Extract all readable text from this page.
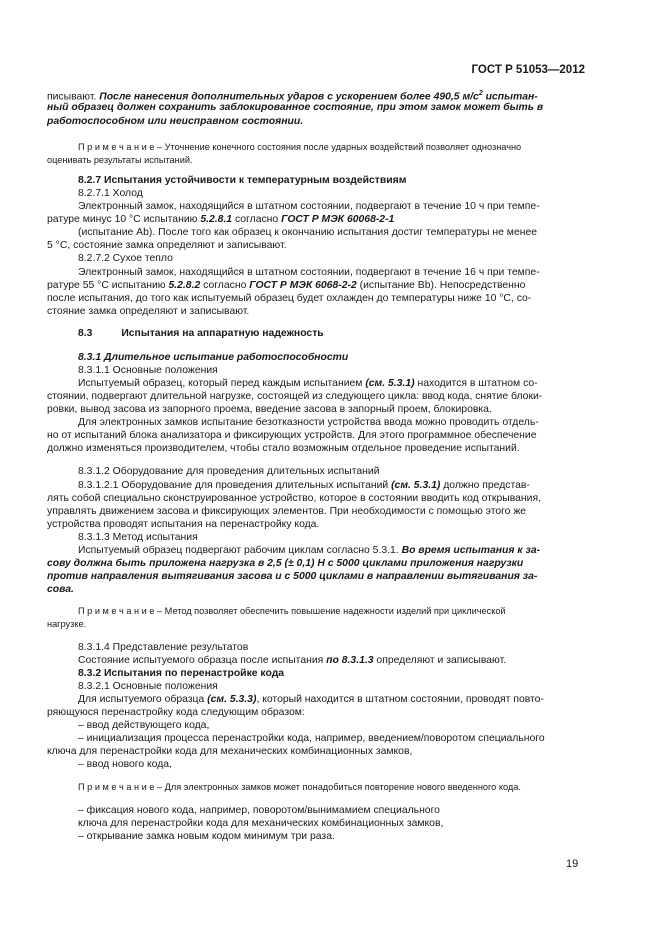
ГОСТ Р 51053—2012
писывают. После нанесения дополнительных ударов с ускорением более 490,5 $м/с^2$ испытан-
ный образец должен сохранить заблокированное состояние, при этом замок может быть в
работоспособном или неисправном состоянии.
П р и м е ч а н и е – Уточнение конечного состояния после ударных воздействий позволяет однозначно
оценивать результаты испытаний.
8.2.7 Испытания устойчивости к температурным воздействиям
8.2.7.1 Холод
Электронный замок, находящийся в штатном состоянии, подвергают в течение 10 ч при темпе-
ратуре минус 10 °С испытанию 5.2.8.1 согласно ГОСТ Р МЭК 60068-2-1
(испытание Аb). После того как образец к окончанию испытания достиг температуры не менее
5 °С, состояние замка определяют и записывают.
8.2.7.2 Сухое тепло
Электронный замок, находящийся в штатном состоянии, подвергают в течение 16 ч при темпе-
ратуре 55 °С испытанию 5.2.8.2 согласно ГОСТ Р МЭК 6068-2-2 (испытание Вb). Непосредственно
после испытания, до того как испытуемый образец будет охлажден до температуры ниже 10 °С, со-
стояние замка определяют и записывают.
8.3          Испытания на аппаратную надежность
8.3.1 Длительное испытание работоспособности
8.3.1.1 Основные положения
Испытуемый образец, который перед каждым испытанием (см. 5.3.1) находится в штатном со-
стоянии, подвергают длительной нагрузке, состоящей из следующего цикла: ввод кода, снятие блоки-
ровки, вывод засова из запорного проема, введение засова в запорный проем, блокировка.
Для электронных замков испытание безотказности устройства ввода можно проводить отдель-
но от испытаний блока анализатора и фиксирующих устройств. Для этого программное обеспечение
должно изменяться производителем, чтобы стало возможным отдельное проведение испытаний.
8.3.1.2 Оборудование для проведения длительных испытаний
8.3.1.2.1 Оборудование для проведения длительных испытаний (см. 5.3.1) должно представ-
лять собой специально сконструированное устройство, которое в состоянии вводить код открывания,
управлять движением засова и фиксирующих элементов. При необходимости с помощью этого же
устройства проводят испытания на перенастройку кода.
8.3.1.3 Метод испытания
Испытуемый образец подвергают рабочим циклам согласно 5.3.1. Во время испытания к за-
сову должна быть приложена нагрузка в 2,5 (± 0,1) Н с 5000 циклами приложения нагрузки
против направления вытягивания засова и с 5000 циклами в направлении вытягивания за-
сова.
П р и м е ч а н и е – Метод позволяет обеспечить повышение надежности изделий при циклической
нагрузке.
8.3.1.4 Представление результатов
Состояние испытуемого образца после испытания по 8.3.1.3 определяют и записывают.
8.3.2 Испытания по перенастройке кода
8.3.2.1 Основные положения
Для испытуемого образца (см. 5.3.3), который находится в штатном состоянии, проводят повто-
ряющуюся перенастройку кода следующим образом:
– ввод действующего кода,
– инициализация процесса перенастройки кода, например, введением/поворотом специального
ключа для перенастройки кода для механических комбинационных замков,
– ввод нового кода,
П р и м е ч а н и е – Для электронных замков может понадобиться повторение нового введенного кода.
– фиксация нового кода, например, поворотом/вынимамием специального
ключа для перенастройки кода для механических комбинационных замков,
– открывание замка новым кодом минимум три раза.
19
